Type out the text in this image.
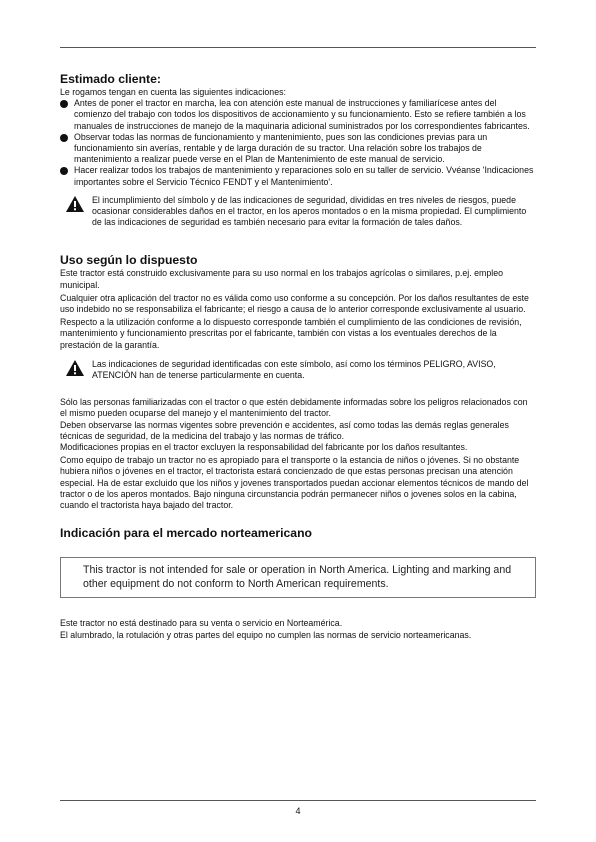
Estimado cliente:

Le rogamos tengan en cuenta las siguientes indicaciones:

Antes de poner el tractor en marcha, lea con atención este manual de instrucciones y familiarícese antes del comienzo del trabajo con todos los dispositivos de accionamiento y su funcionamiento. Esto se refiere también a los manuales de instrucciones de manejo de la maquinaria adicional suministrados por los correspondientes fabricantes.
Observar todas las normas de funcionamiento y mantenimiento, pues son las condiciones previas para un funcionamiento sin averías, rentable y de larga duración de su tractor. Una relación sobre los trabajos de mantenimiento a realizar puede verse en el Plan de Mantenimiento de este manual de servicio.
Hacer realizar todos los trabajos de mantenimiento y reparaciones solo en su taller de servicio. Vvéanse 'Indicaciones importantes sobre el Servicio Técnico FENDT y el Mantenimiento'.

El incumplimiento del símbolo y de las indicaciones de seguridad, divididas en tres niveles de riesgos, puede ocasionar considerables daños en el tractor, en los aperos montados o en la misma propiedad. El cumplimiento de las indicaciones de seguridad es también necesario para evitar la formación de tales daños.

Uso según lo dispuesto

Este tractor está construido exclusivamente para su uso normal en los trabajos agrícolas o similares, p.ej. empleo municipal.

Cualquier otra aplicación del tractor no es válida como uso conforme a su concepción. Por los daños resultantes de este uso indebido no se responsabiliza el fabricante; el riesgo a causa de lo anterior corresponde exclusivamente al usuario.

Respecto a la utilización conforme a lo dispuesto corresponde también el cumplimiento de las condiciones de revisión, mantenimiento y funcionamiento prescritas por el fabricante, también con vistas a los eventuales derechos de la prestación de la garantía.

Las indicaciones de seguridad identificadas con este símbolo, así como los términos PELIGRO, AVISO, ATENCIÓN han de tenerse particularmente en cuenta.

Sólo las personas familiarizadas con el tractor o que estén debidamente informadas sobre los peligros relacionados con el mismo pueden ocuparse del manejo y el mantenimiento del tractor.

Deben observarse las normas vigentes sobre prevención e accidentes, así como todas las demás reglas generales técnicas de seguridad, de la medicina del trabajo y las normas de tráfico.

Modificaciones propias en el tractor excluyen la responsabilidad del fabricante por los daños resultantes.

Como equipo de trabajo un tractor no es apropiado para el transporte o la estancia de niños o jóvenes. Si no obstante hubiera niños o jóvenes en el tractor, el tractorista estará concienzado de que estas personas precisan una atención especial. Ha de estar excluido que los niños y jovenes transportados puedan accionar elementos técnicos de mando del tractor o de los aperos montados. Bajo ninguna circunstancia podrán permanecer niños o jovenes solos en la cabina, cuando el tractorista haya bajado del tractor.

Indicación para el mercado norteamericano
This tractor is not intended for sale or operation in North America. Lighting and marking and other equipment do not conform to North American requirements.

Este tractor no está destinado para su venta o servicio en Norteamérica.

El alumbrado, la rotulación y otras partes del equipo no cumplen las normas de servicio norteamericanas.

4
